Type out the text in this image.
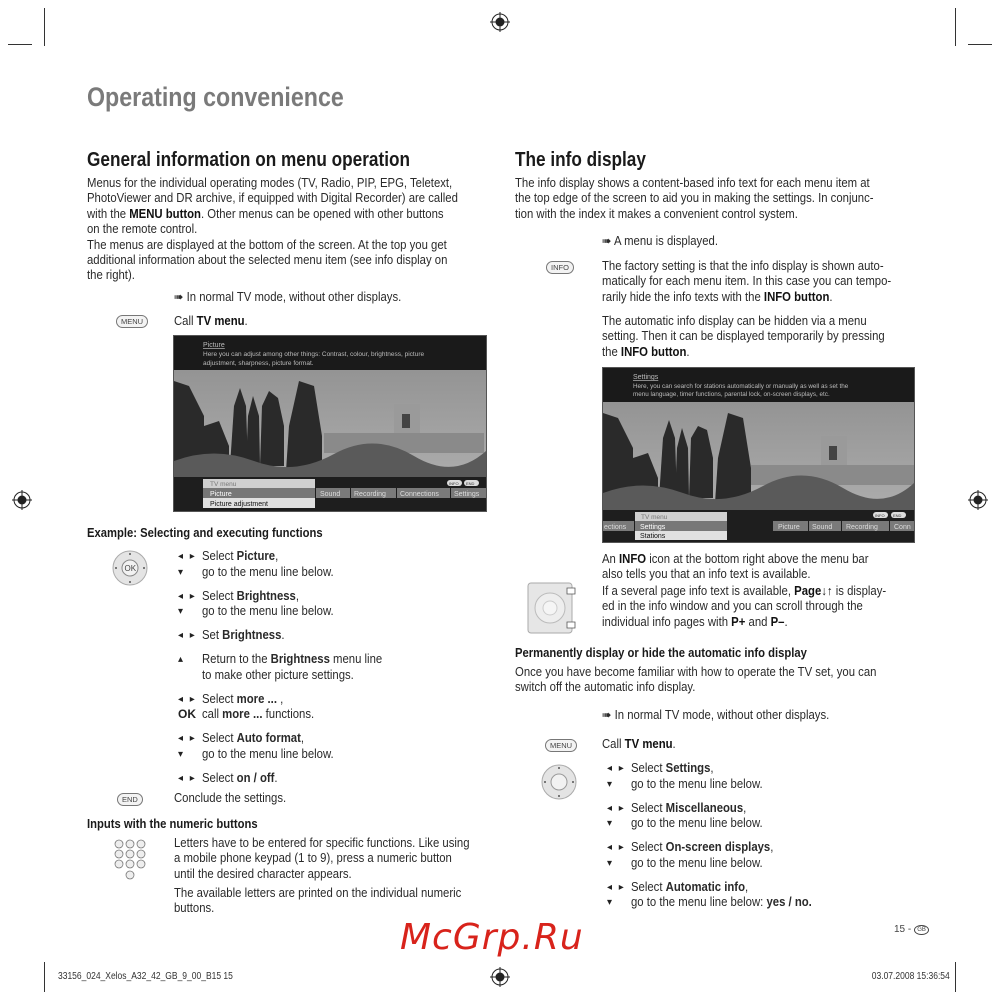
Operating convenience
General information on menu operation
Menus for the individual operating modes (TV, Radio, PIP, EPG, Teletext,
PhotoViewer and DR archive, if equipped with Digital Recorder) are called
with the MENU button. Other menus can be opened with other buttons
on the remote control.
The menus are displayed at the bottom of the screen. At the top you get
additional information about the selected menu item (see info display on
the right).
➠ In normal TV mode, without other displays.
MENU	Call TV menu.
Picture
Here you can adjust among other things: Contrast, colour, brightness, picture
adjustment, sharpness, picture format.
TV menu
Picture
Picture adjustment
Sound Recording Connections Settings
INFO END
Example: Selecting and executing functions
OK
◂ ▸ Select Picture,
▾	go to the menu line below.
◂ ▸ Select Brightness,
▾	go to the menu line below.
◂ ▸ Set Brightness.
▴	Return to the Brightness menu line
to make other picture settings.
◂ ▸ Select more ... ,
OK call more ... functions.
◂ ▸ Select Auto format,
▾	go to the menu line below.
◂ ▸ Select on / off.
END	Conclude the settings.
Inputs with the numeric buttons
Letters have to be entered for specific functions. Like using
a mobile phone keypad (1 to 9), press a numeric button
until the desired character appears.
The available letters are printed on the individual numeric
buttons.
The info display
The info display shows a content-based info text for each menu item at
the top edge of the screen to aid you in making the settings. In conjunc-
tion with the index it makes a convenient control system.
➠ A menu is displayed.
INFO	The factory setting is that the info display is shown auto-
matically for each menu item. In this case you can tempo-
rarily hide the info texts with the INFO button.
The automatic info display can be hidden via a menu
setting. Then it can be displayed temporarily by pressing
the INFO button.
Settings
Here, you can search for stations automatically or manually as well as set the
menu language, timer functions, parental lock, on-screen displays, etc.
TV menu
ections Settings
Stations
Picture Sound Recording Conn
INFO END
An INFO icon at the bottom right above the menu bar
also tells you that an info text is available.
If a several page info text is available, Page↓↑ is display-
ed in the info window and you can scroll through the
individual info pages with P+ and P–.
Permanently display or hide the automatic info display
Once you have become familiar with how to operate the TV set, you can
switch off the automatic info display.
➠ In normal TV mode, without other displays.
MENU	Call TV menu.
◂ ▸ Select Settings,
▾	go to the menu line below.
◂ ▸ Select Miscellaneous,
▾	go to the menu line below.
◂ ▸ Select On-screen displays,
▾	go to the menu line below.
◂ ▸ Select Automatic info,
▾	go to the menu line below: yes / no.
15 -	GB
33156_024_Xelos_A32_42_GB_9_00_B15 15	03.07.2008 15:36:54
McGrp.Ru
